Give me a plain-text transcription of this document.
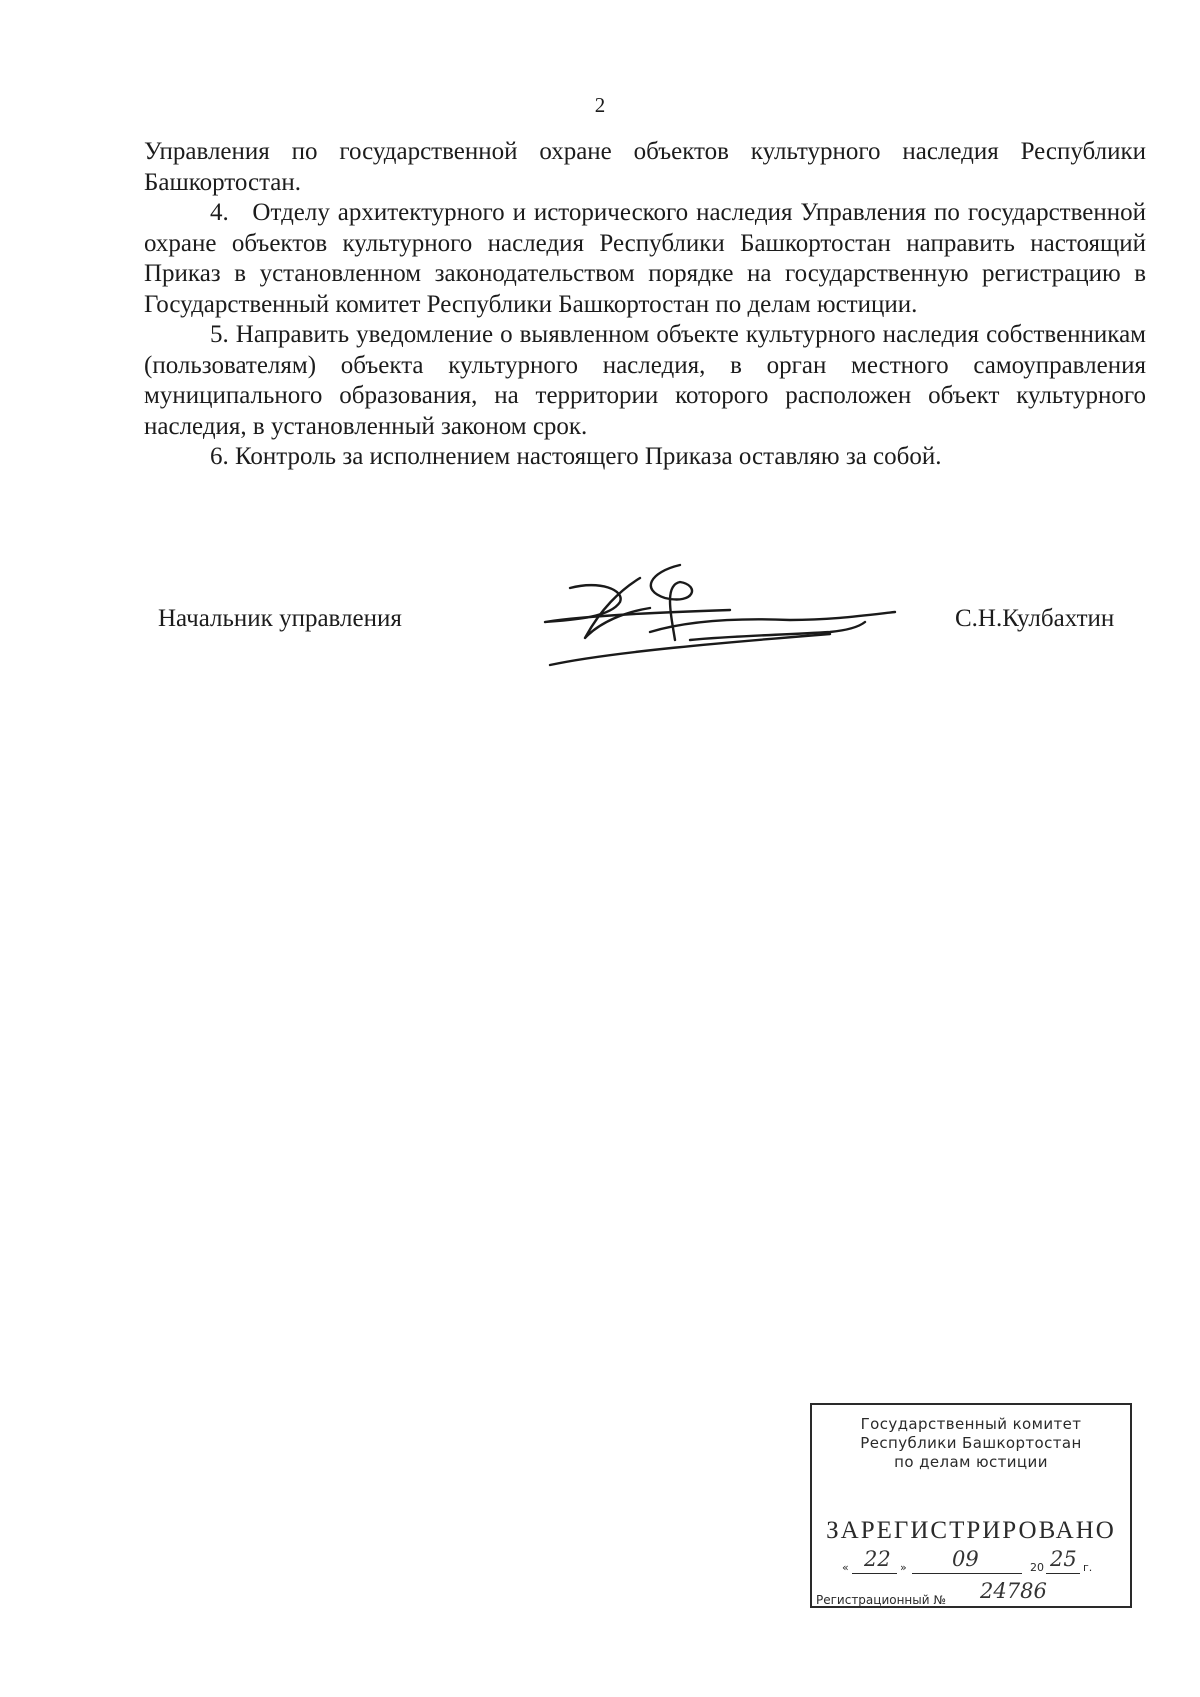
2

Управления по государственной охране объектов культурного наследия Республики Башкортостан.

4.   Отделу архитектурного и исторического наследия Управления по государственной охране объектов культурного наследия Республики Башкортостан направить настоящий Приказ в установленном законодательством порядке на государственную регистрацию в Государственный комитет Республики Башкортостан по делам юстиции.

5. Направить уведомление о выявленном объекте культурного наследия собственникам (пользователям) объекта культурного наследия, в орган местного самоуправления муниципального образования, на территории которого расположен объект культурного наследия, в установленный законом срок.

6. Контроль за исполнением настоящего Приказа оставляю за собой.

Начальник управления	С.Н.Кулбахтин
Государственный комитет
Республики Башкортостан
по делам юстиции
ЗАРЕГИСТРИРОВАНО
« 22 » 09	20 25 г.
Регистрационный № 24786
